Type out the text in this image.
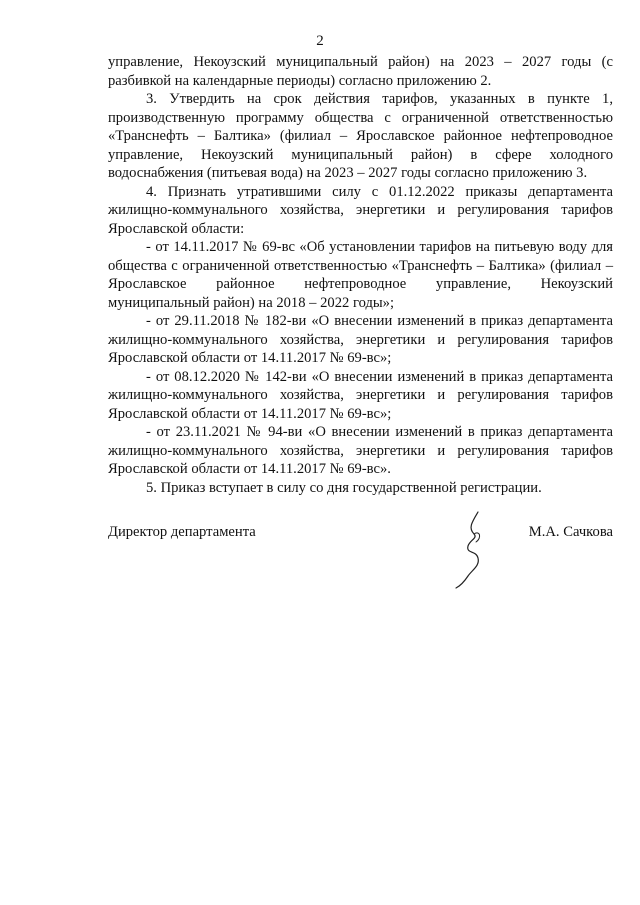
2

управление, Некоузский муниципальный район) на 2023 – 2027 годы (с разбивкой на календарные периоды) согласно приложению 2.

3. Утвердить на срок действия тарифов, указанных в пункте 1, производственную программу общества с ограниченной ответственностью «Транснефть – Балтика» (филиал – Ярославское районное нефтепроводное управление, Некоузский муниципальный район) в сфере холодного водоснабжения (питьевая вода) на 2023 – 2027 годы согласно приложению 3.

4. Признать утратившими силу с 01.12.2022 приказы департамента жилищно-коммунального хозяйства, энергетики и регулирования тарифов Ярославской области:

- от 14.11.2017 № 69-вс «Об установлении тарифов на питьевую воду для общества с ограниченной ответственностью «Транснефть – Балтика» (филиал – Ярославское районное нефтепроводное управление, Некоузский муниципальный район) на 2018 – 2022 годы»;

- от 29.11.2018 № 182-ви «О внесении изменений в приказ департамента жилищно-коммунального хозяйства, энергетики и регулирования тарифов Ярославской области от 14.11.2017 № 69-вс»;

- от 08.12.2020 № 142-ви «О внесении изменений в приказ департамента жилищно-коммунального хозяйства, энергетики и регулирования тарифов Ярославской области от 14.11.2017 № 69-вс»;

- от 23.11.2021 № 94-ви «О внесении изменений в приказ департамента жилищно-коммунального хозяйства, энергетики и регулирования тарифов Ярославской области от 14.11.2017 № 69-вс».

5. Приказ вступает в силу со дня государственной регистрации.

Директор департамента	М.А. Сачкова
